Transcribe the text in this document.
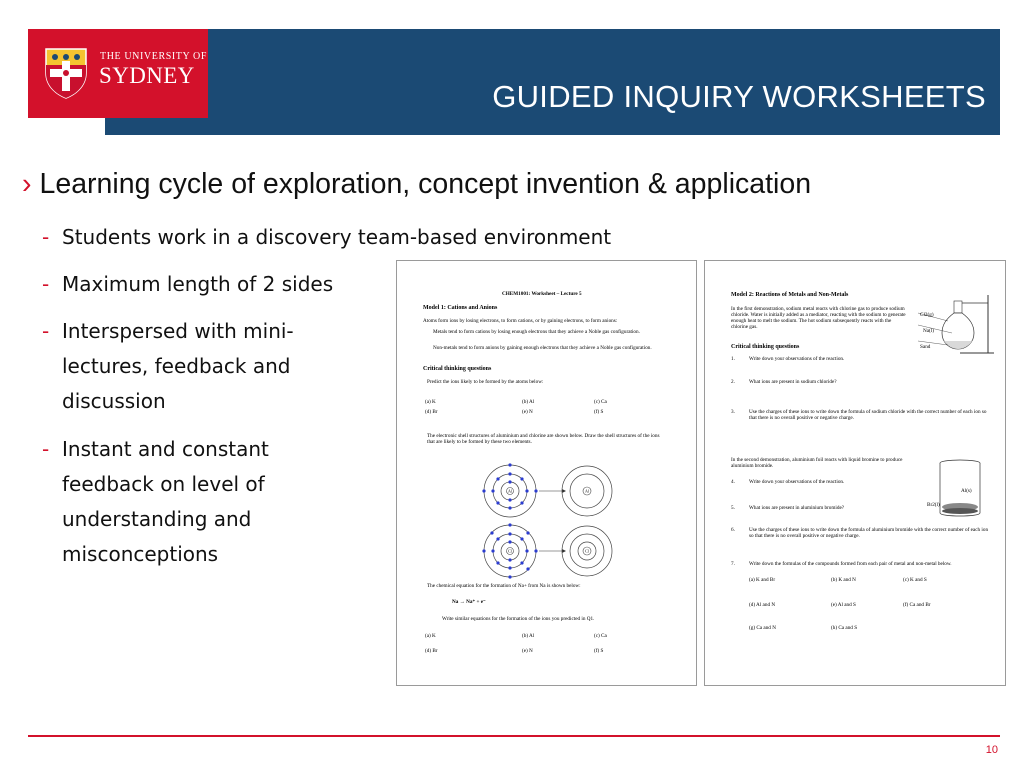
GUIDED INQUIRY WORKSHEETS
THE UNIVERSITY OF
SYDNEY
› Learning cycle of exploration, concept invention & application
- Students work in a discovery team-based environment
- Maximum length of 2 sides
- Interspersed with mini-lectures, feedback and discussion
- Instant and constant feedback on level of understanding and misconceptions
CHEM1001: Worksheet – Lecture 5
Model 1: Cations and Anions
Atoms form ions by losing electrons, to form cations, or by gaining electrons, to form anions:
Metals tend to form cations by losing enough electrons that they achieve a Noble gas configuration.
Non-metals tend to form anions by gaining enough electrons that they achieve a Noble gas configuration.
Critical thinking questions
Predict the ions likely to be formed by the atoms below:
(a) K	(b) Al	(c) Ca
(d) Br	(e) N	(f) S
The electronic shell structures of aluminium and chlorine are shown below. Draw the shell structures of the ions that are likely to be formed by these two elements.
Al	Al
Cl	Cl
The chemical equation for the formation of Na+ from Na is shown below:
Na → Na⁺ + e⁻
Write similar equations for the formation of the ions you predicted in Q1.
(a) K	(b) Al	(c) Ca
(d) Br	(e) N	(f) S
Model 2: Reactions of Metals and Non-Metals
In the first demonstration, sodium metal reacts with chlorine gas to produce sodium chloride. Water is initially added as a mediator, reacting with the sodium to generate enough heat to melt the sodium. The hot sodium subsequently reacts with the chlorine gas.
Cl2(g)
Na(l)
Sand
Critical thinking questions
1.	Write down your observations of the reaction.
2.	What ions are present in sodium chloride?
3.	Use the charges of these ions to write down the formula of sodium chloride with the correct number of each ion so that there is no overall positive or negative charge.
In the second demonstration, aluminium foil reacts with liquid bromine to produce aluminium bromide.
Al(s)
Br2(l)
4.	Write down your observations of the reaction.
5.	What ions are present in aluminium bromide?
6.	Use the charges of these ions to write down the formula of aluminium bromide with the correct number of each ion so that there is no overall positive or negative charge.
7.	Write down the formulas of the compounds formed from each pair of metal and non-metal below.
(a) K and Br	(b) K and N	(c) K and S
(d) Al and N	(e) Al and S	(f) Ca and Br
(g) Ca and N	(h) Ca and S
10
